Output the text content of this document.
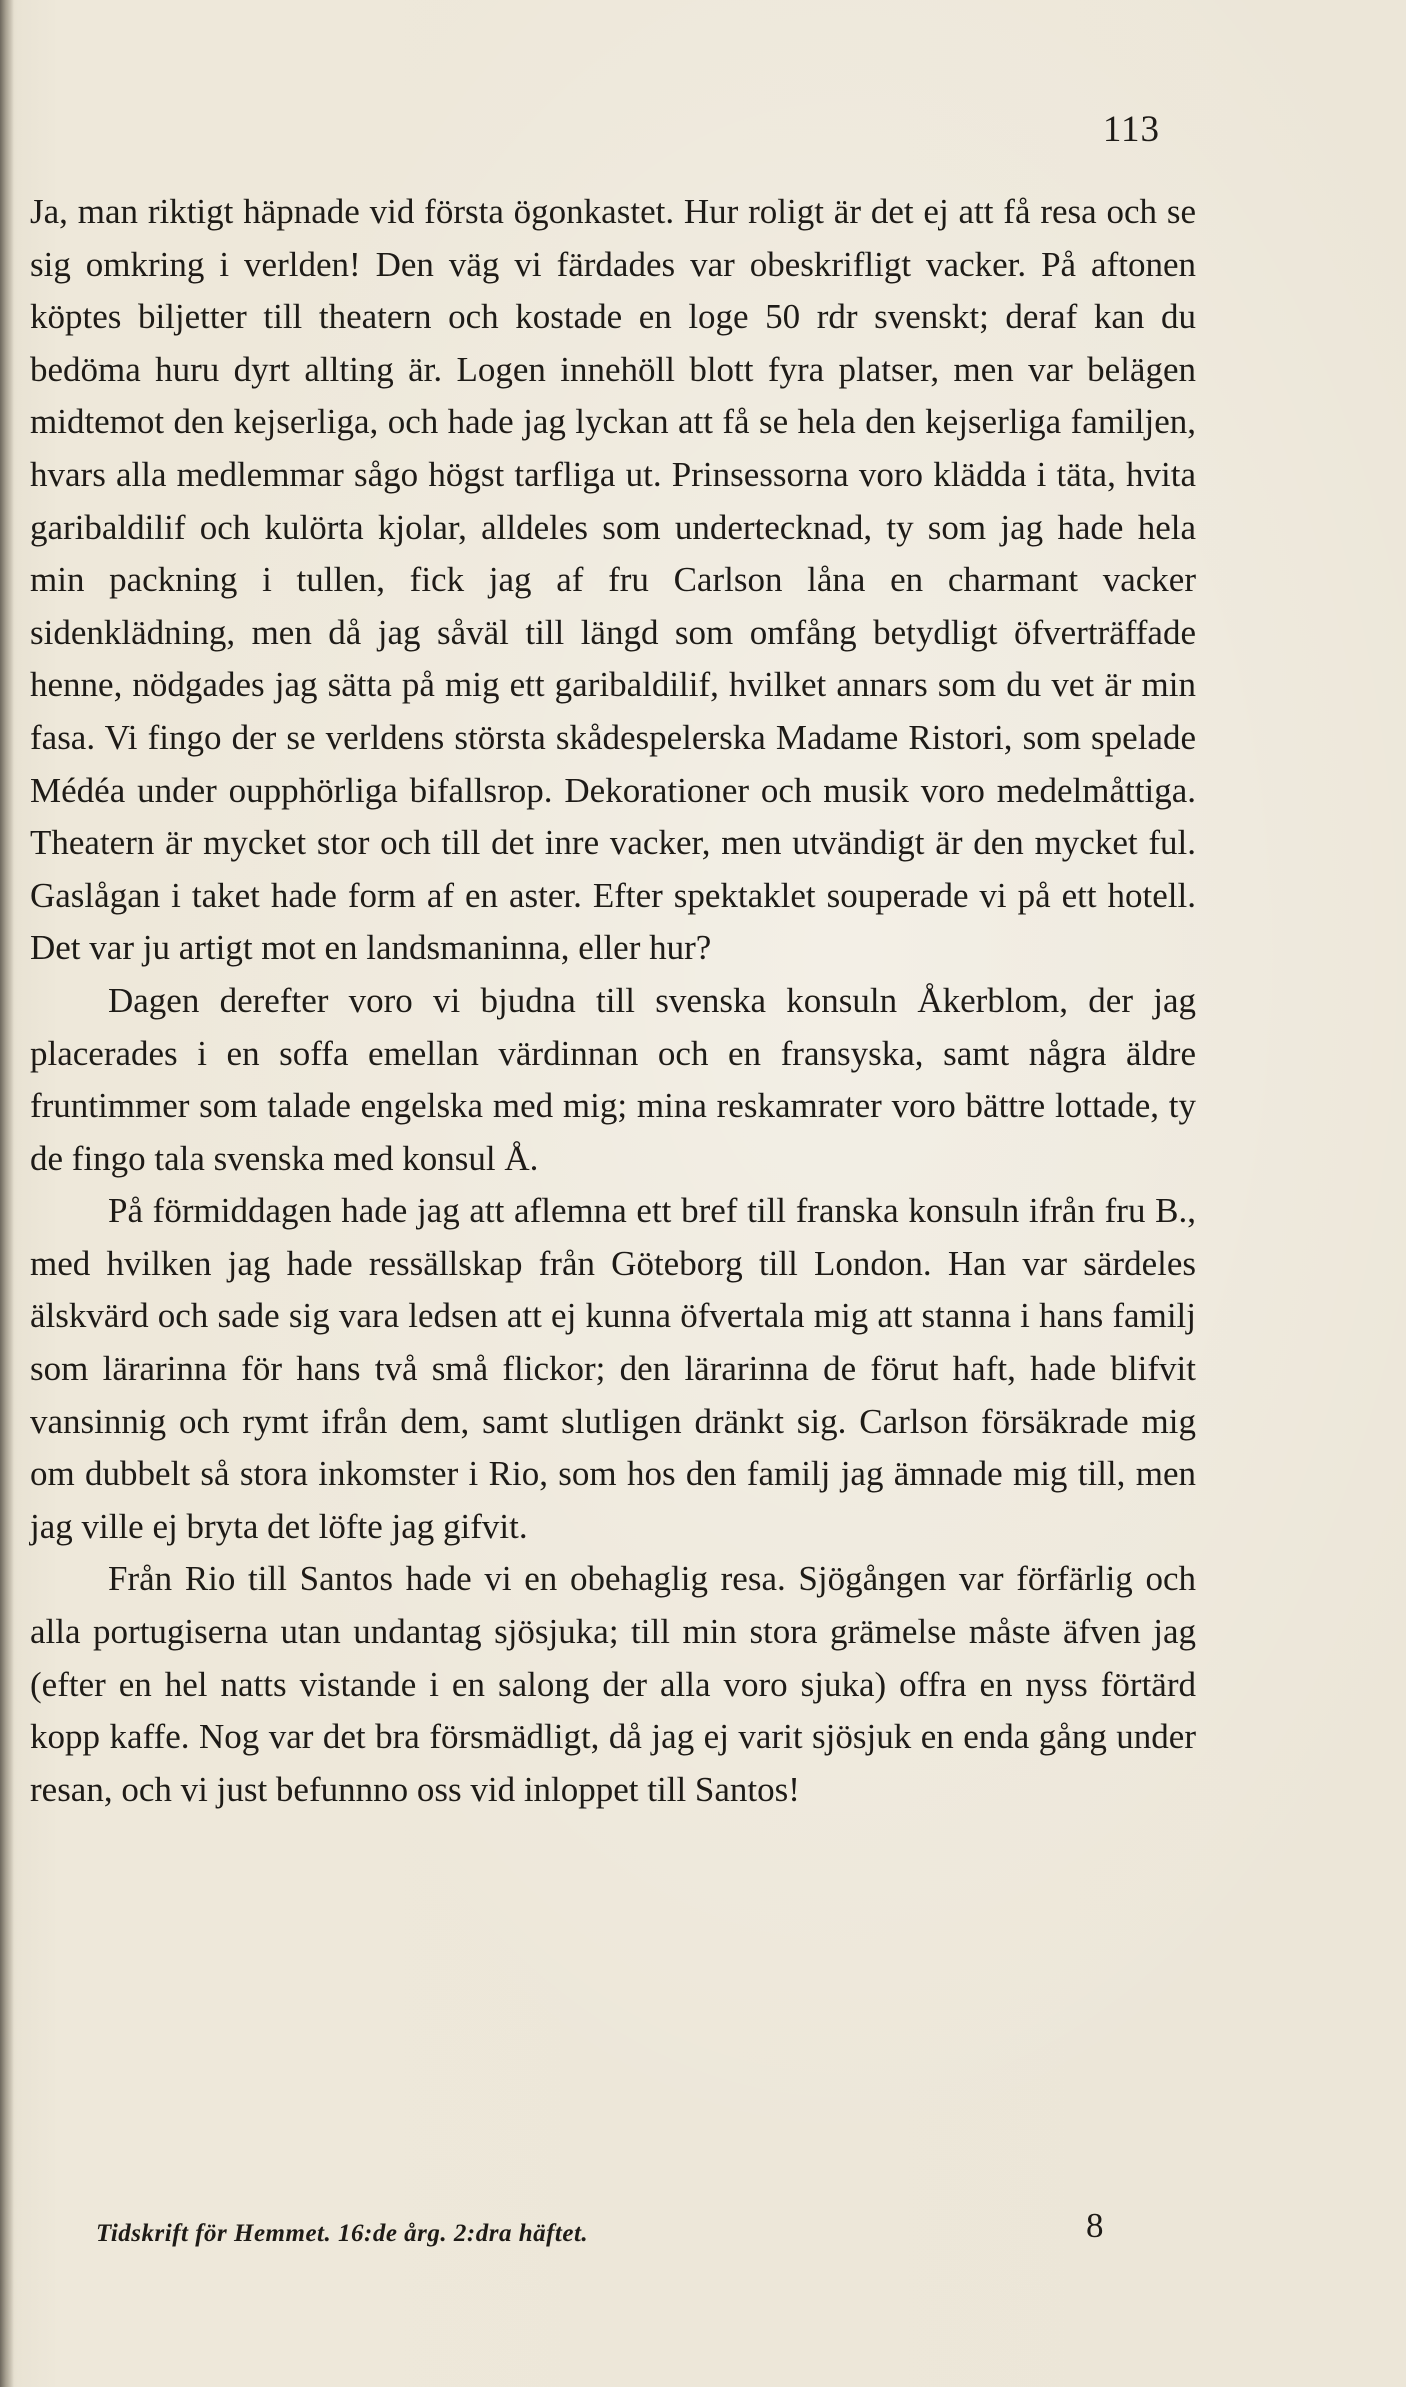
113

Ja, man riktigt häpnade vid första ögonkastet. Hur roligt är det ej att få resa och se sig omkring i verlden! Den väg vi färdades var obeskrifligt vacker. På aftonen köptes biljetter till theatern och kostade en loge 50 rdr svenskt; deraf kan du bedöma huru dyrt allting är. Logen innehöll blott fyra platser, men var belägen midtemot den kejserliga, och hade jag lyckan att få se hela den kejserliga familjen, hvars alla medlemmar sågo högst tarfliga ut. Prinsessorna voro klädda i täta, hvita garibaldilif och kulörta kjolar, alldeles som undertecknad, ty som jag hade hela min packning i tullen, fick jag af fru Carlson låna en charmant vacker sidenklädning, men då jag såväl till längd som omfång betydligt öfverträffade henne, nödgades jag sätta på mig ett garibaldilif, hvilket annars som du vet är min fasa. Vi fingo der se verldens största skådespelerska Madame Ristori, som spelade Médéa under oupphörliga bifallsrop. Dekorationer och musik voro medelmåttiga. Theatern är mycket stor och till det inre vacker, men utvändigt är den mycket ful. Gaslågan i taket hade form af en aster. Efter spektaklet souperade vi på ett hotell. Det var ju artigt mot en landsmaninna, eller hur?

Dagen derefter voro vi bjudna till svenska konsuln Åkerblom, der jag placerades i en soffa emellan värdinnan och en fransyska, samt några äldre fruntimmer som talade engelska med mig; mina reskamrater voro bättre lottade, ty de fingo tala svenska med konsul Å.

På förmiddagen hade jag att aflemna ett bref till franska konsuln ifrån fru B., med hvilken jag hade ressällskap från Göteborg till London. Han var särdeles älskvärd och sade sig vara ledsen att ej kunna öfvertala mig att stanna i hans familj som lärarinna för hans två små flickor; den lärarinna de förut haft, hade blifvit vansinnig och rymt ifrån dem, samt slutligen dränkt sig. Carlson försäkrade mig om dubbelt så stora inkomster i Rio, som hos den familj jag ämnade mig till, men jag ville ej bryta det löfte jag gifvit.

Från Rio till Santos hade vi en obehaglig resa. Sjögången var förfärlig och alla portugiserna utan undantag sjösjuka; till min stora grämelse måste äfven jag (efter en hel natts vistande i en salong der alla voro sjuka) offra en nyss förtärd kopp kaffe. Nog var det bra försmädligt, då jag ej varit sjösjuk en enda gång under resan, och vi just befunnno oss vid inloppet till Santos!

Tidskrift för Hemmet. 16:de årg. 2:dra häftet.	8
